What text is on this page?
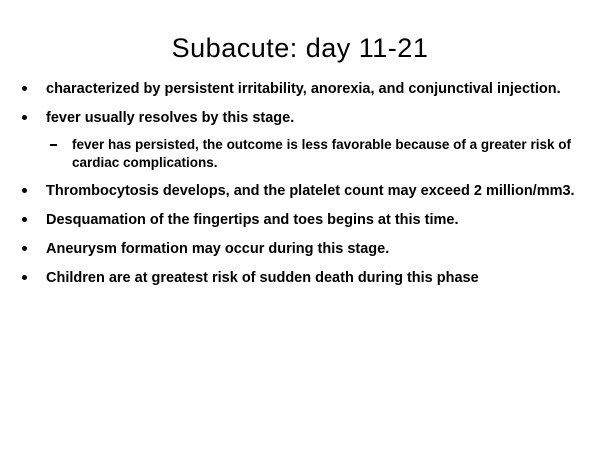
Subacute: day 11-21
characterized by persistent irritability, anorexia, and conjunctival injection.
fever usually resolves by this stage.
fever has persisted, the outcome is less favorable because of a greater risk of cardiac complications.
Thrombocytosis develops, and the platelet count may exceed 2 million/mm3.
Desquamation of the fingertips and toes begins at this time.
Aneurysm formation may occur during this stage.
Children are at greatest risk of sudden death during this phase
